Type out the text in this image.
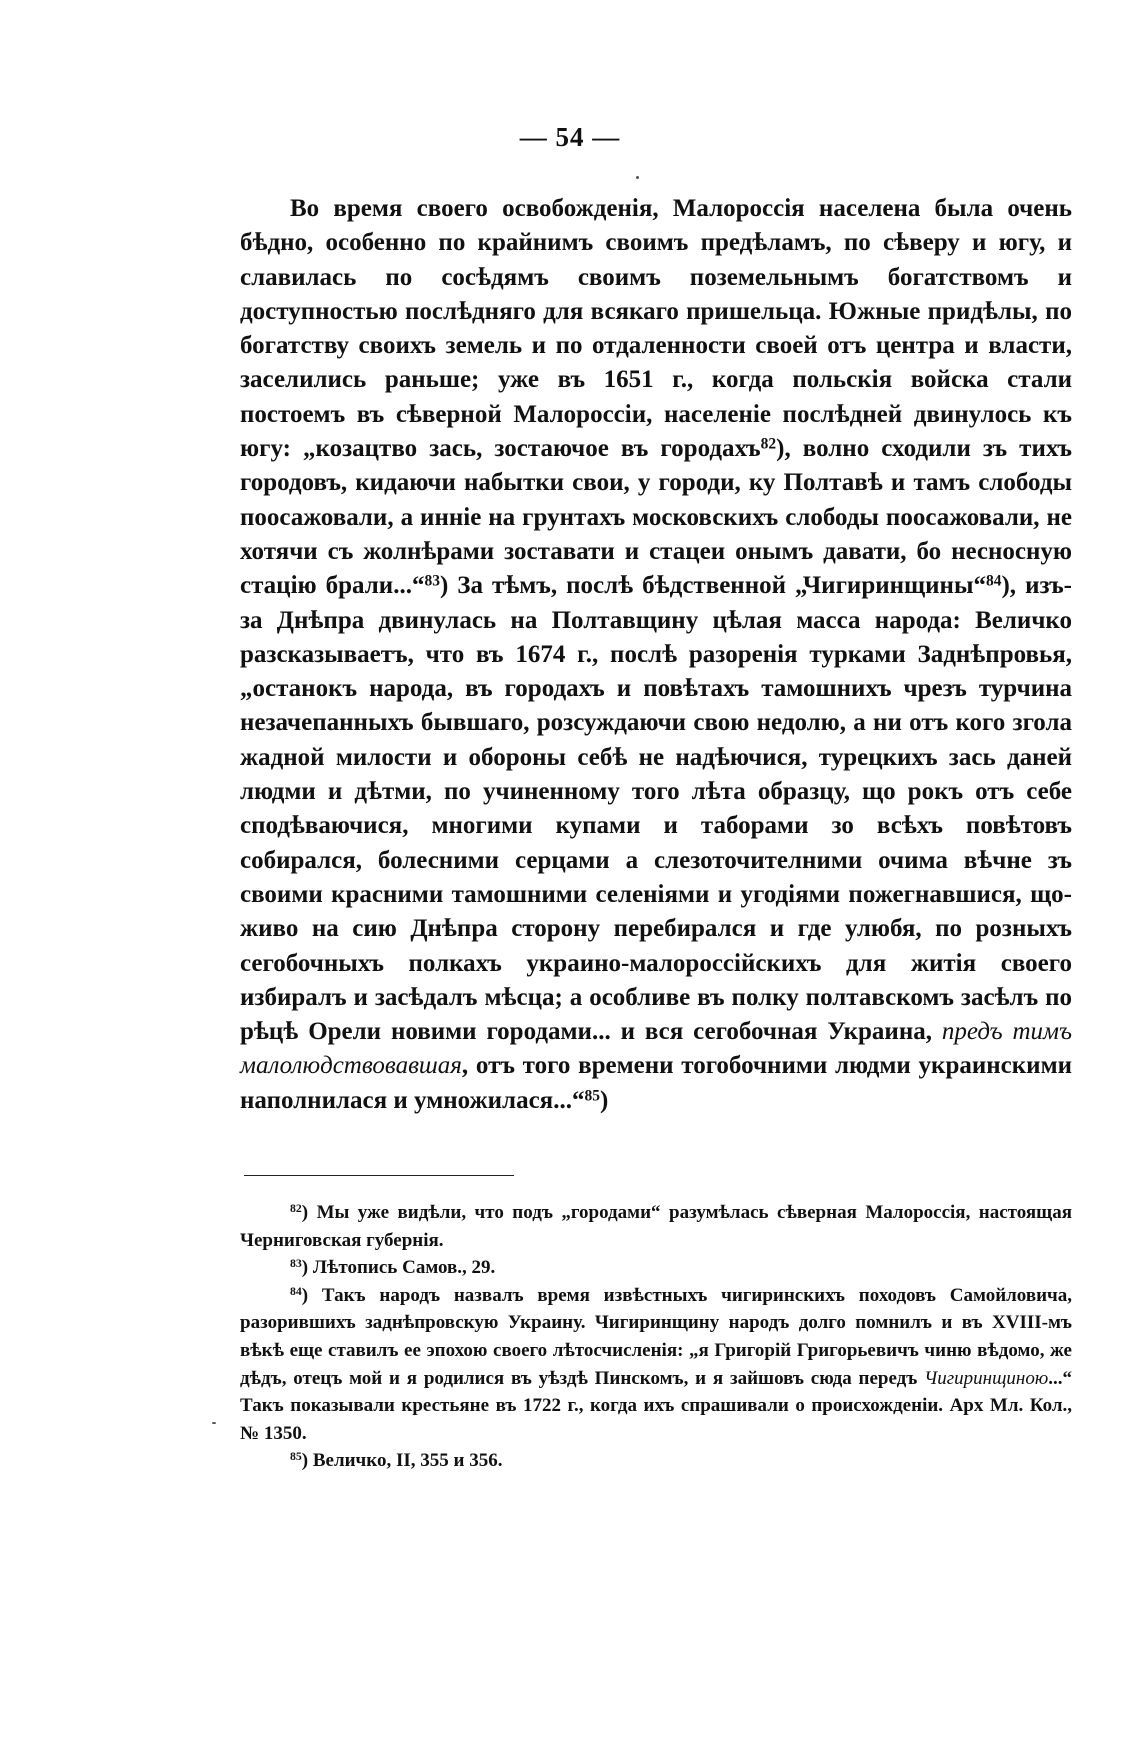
— 54 —

Во время своего освобожденія, Малороссія населена была очень бѣдно, особенно по крайнимъ своимъ предѣламъ, по сѣверу и югу, и славилась по сосѣдямъ своимъ поземельнымъ богатствомъ и доступностью послѣдняго для всякаго пришельца. Южные придѣлы, по богатству своихъ земель и по отдаленности своей отъ центра и власти, заселились раньше; уже въ 1651 г., когда польскія войска стали постоемъ въ сѣверной Малороссіи, населеніе послѣдней двинулось къ югу: „козацтво зась, зостаючое въ городахъ$^{82}$), волно сходили зъ тихъ городовъ, кидаючи набытки свои, у городи, ку Полтавѣ и тамъ слободы поосажовали, а инніе на грунтахъ московскихъ слободы поосажовали, не хотячи съ жолнѣрами зоставати и стацеи онымъ давати, бо несносную стацію брали...“$^{83}$) За тѣмъ, послѣ бѣдственной „Чигиринщины“$^{84}$), изъ-за Днѣпра двинулась на Полтавщину цѣлая масса народа: Величко разсказываетъ, что въ 1674 г., послѣ разоренія турками Заднѣпровья, „останокъ народа, въ городахъ и повѣтахъ тамошнихъ чрезъ турчина незачепанныхъ бывшаго, розсуждаючи свою недолю, а ни отъ кого згола жадной милости и обороны себѣ не надѣючися, турецкихъ зась даней людми и дѣтми, по учиненному того лѣта образцу, що рокъ отъ себе сподѣваючися, многими купами и таборами зо всѣхъ повѣтовъ собирался, болесними серцами а слезоточителними очима вѣчне зъ своими красними тамошними селеніями и угодіями пожегнавшися, що-живо на сию Днѣпра сторону перебирался и где улюбя, по розныхъ сегобочныхъ полкахъ украино-малороссійскихъ для житія своего избиралъ и засѣдалъ мѣсца; а особливе въ полку полтавскомъ засѣлъ по рѣцѣ Орели новими городами... и вся сегобочная Украина, предъ тимъ малолюдствовавшая, отъ того времени тогобочними людми украинскими наполнилася и умножилася...“$^{85}$)

$^{82}$) Мы уже видѣли, что подъ „городами“ разумѣлась сѣверная Малороссія, настоящая Черниговская губернія.

$^{83}$) Лѣтопись Самов., 29.

$^{84}$) Такъ народъ назвалъ время извѣстныхъ чигиринскихъ походовъ Самойловича, разорившихъ заднѣпровскую Украину. Чигиринщину народъ долго помнилъ и въ XVIII-мъ вѣкѣ еще ставилъ ее эпохою своего лѣтосчисленія: „я Григорій Григорьевичъ чиню вѣдомо, же дѣдъ, отецъ мой и я родилися въ уѣздѣ Пинскомъ, и я зайшовъ сюда передъ Чигиринщиною...“ Такъ показывали крестьяне въ 1722 г., когда ихъ спрашивали о происхожденіи. Арх Мл. Кол., № 1350.

$^{85}$) Величко, II, 355 и 356.
